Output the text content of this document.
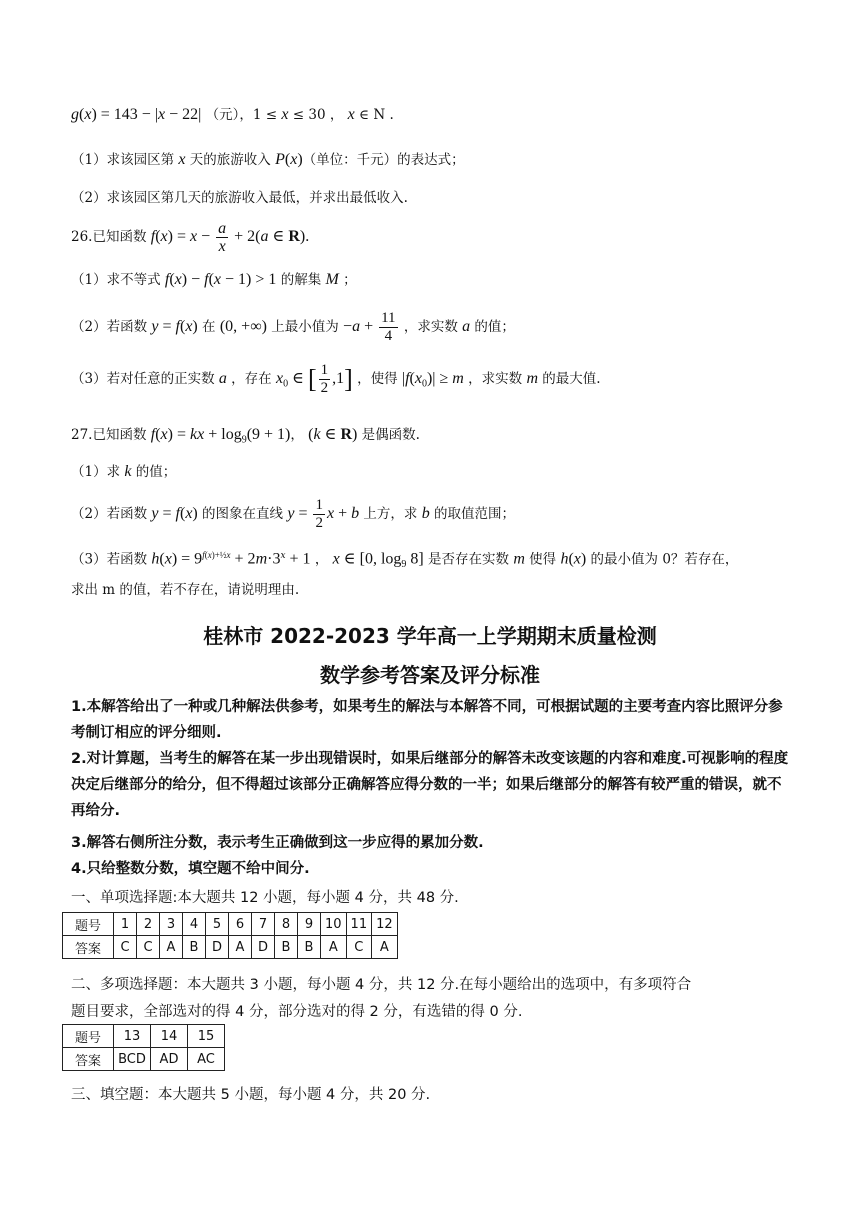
g(x) = 143 − |x − 22| （元），1 ≤ x ≤ 30 ， x ∈ N .
（1）求该园区第 x 天的旅游收入 P(x)（单位：千元）的表达式；
（2）求该园区第几天的旅游收入最低，并求出最低收入.
26.已知函数 $f(x) = x - \frac{a}{x} + 2(a$ ∈ R).
（1）求不等式 f(x) − f(x − 1) > 1 的解集 M ；
（2）若函数 y = f(x) 在 (0, +∞) 上最小值为 $-a + \frac{11}{4}$ ，求实数 a 的值；
（3）若对任意的正实数 a ，存在 $x_0$ ∈ [ $\frac{1}{2} ,1$] ，使得 $|f(x_0)| \ge m$ ，求实数 m 的最大值.
27.已知函数 f(x) = kx + $\log_9(9 + 1)$， (k ∈ R) 是偶函数.
（1）求 k 的值；
（2）若函数 y = f(x) 的图象在直线 $y = \frac{1}{2}$ x + b 上方，求 b 的取值范围；
（3）若函数 $h(x) = 9^{f(x)+\frac{1}{2}x} + 2m\cdot 3^x + 1$ ， x ∈ [0, $\log_9 8$] 是否存在实数 m 使得 h(x) 的最小值为 0？若存在，
求出 m 的值，若不存在，请说明理由.
桂林市 2022-2023 学年高一上学期期末质量检测
数学参考答案及评分标准
1.本解答给出了一种或几种解法供参考，如果考生的解法与本解答不同，可根据试题的主要考查内容比照评分参考制订相应的评分细则.
2.对计算题，当考生的解答在某一步出现错误时，如果后继部分的解答未改变该题的内容和难度.可视影响的程度决定后继部分的给分，但不得超过该部分正确解答应得分数的一半；如果后继部分的解答有较严重的错误，就不再给分.
3.解答右侧所注分数，表示考生正确做到这一步应得的累加分数.
4.只给整数分数，填空题不给中间分.
一、单项选择题:本大题共 12 小题，每小题 4 分，共 48 分.
题号	1	2	3	4	5	6	7	8	9	10	11	12
答案	C	C	A	B	D	A	D	B	B	A	C	A
二、多项选择题：本大题共 3 小题，每小题 4 分，共 12 分.在每小题给出的选项中，有多项符合
题目要求，全部选对的得 4 分，部分选对的得 2 分，有选错的得 0 分.
题号	13	14	15
答案	BCD	AD	AC
三、填空题：本大题共 5 小题，每小题 4 分，共 20 分.
